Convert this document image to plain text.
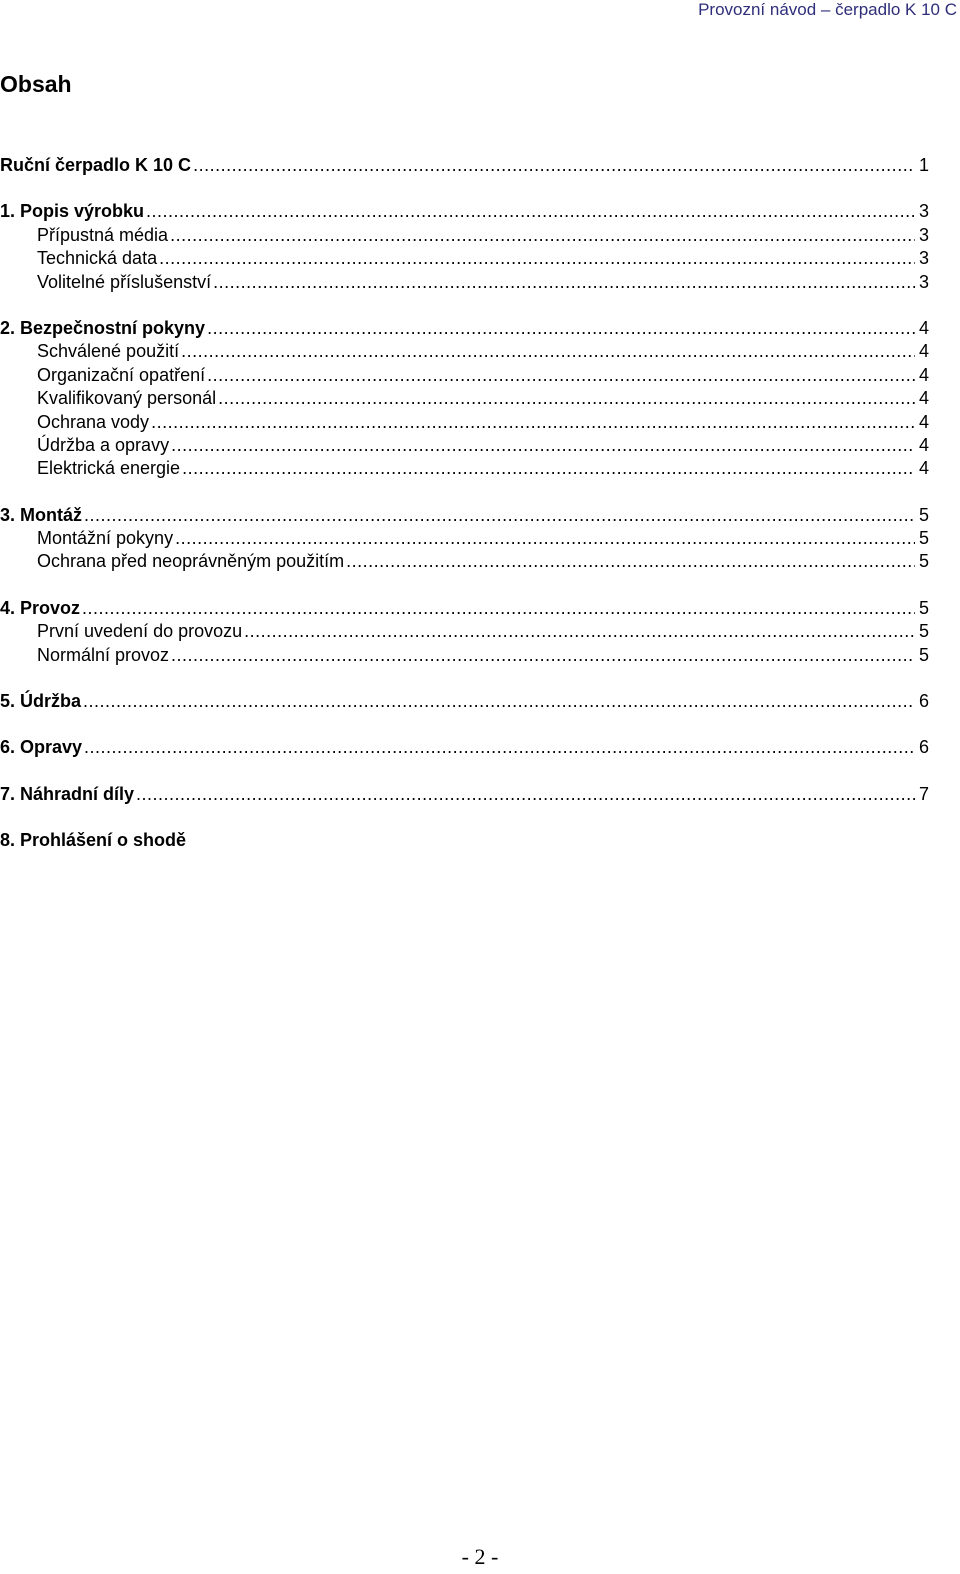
Provozní návod – čerpadlo K 10 C
Obsah
Ruční čerpadlo K 10 C .....	1
1. Popis výrobku .....	3
Přípustná média .....	3
Technická data .....	3
Volitelné příslušenství .....	3
2. Bezpečnostní pokyny .....	4
Schválené použití .....	4
Organizační opatření .....	4
Kvalifikovaný personál .....	4
Ochrana vody .....	4
Údržba a opravy .....	4
Elektrická energie .....	4
3. Montáž .....	5
Montážní pokyny .....	5
Ochrana před neoprávněným použitím .....	5
4. Provoz .....	5
První uvedení do provozu .....	5
Normální provoz .....	5
5. Údržba .....	6
6. Opravy .....	6
7. Náhradní díly .....	7
8. Prohlášení o shodě
- 2 -
